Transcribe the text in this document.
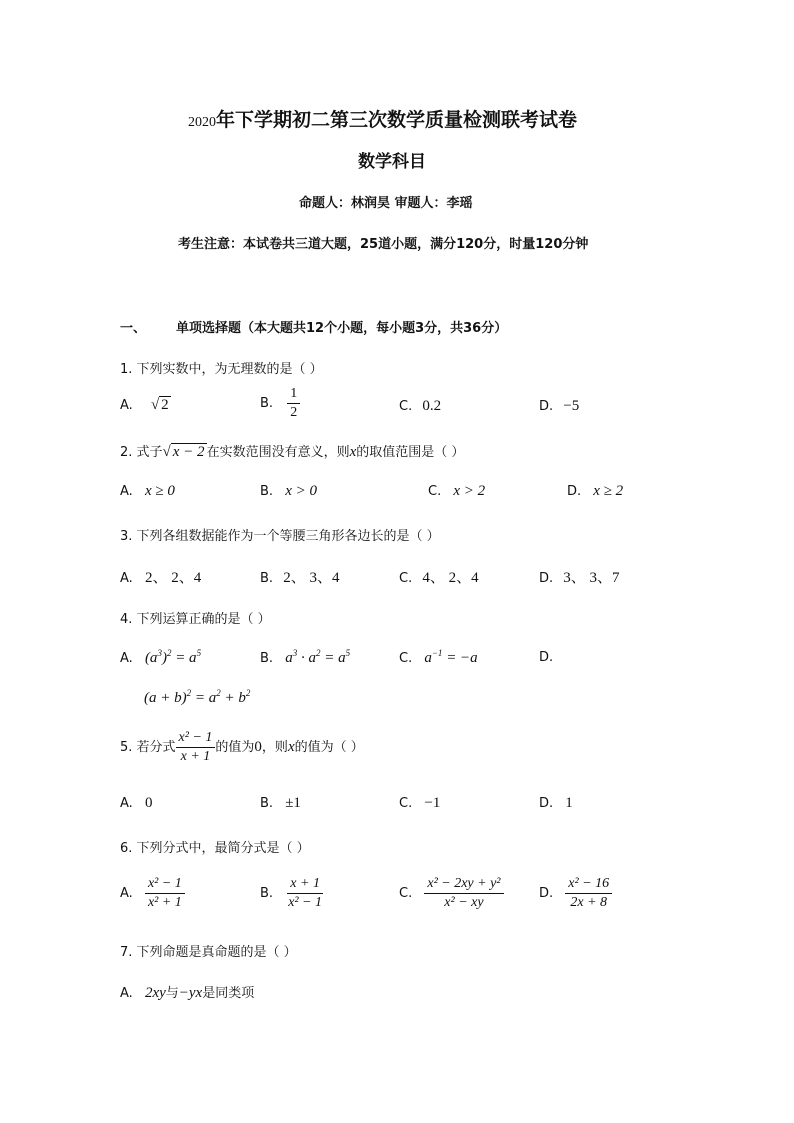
2020年下学期初二第三次数学质量检测联考试卷
数学科目
命题人：林润昊 审题人：李瑶
考生注意：本试卷共三道大题，25道小题，满分120分，时量120分钟
一、 单项选择题（本大题共12个小题，每小题3分，共36分）
1. 下列实数中，为无理数的是（ ）
A. √ 2	B. $\frac{1}{2}$	C. 0.2	D. −5
2. 式子√ x − 2 在实数范围没有意义，则x的取值范围是（ ）
A. x ≥ 0	B. x > 0	C. x > 2	D. x ≥ 2
3. 下列各组数据能作为一个等腰三角形各边长的是（ ）
A. 2、 2、4	B. 2、 3、4	C. 4、 2、4	D. 3、 3、7
4. 下列运算正确的是（ ）
A. $(a^3)^2 = a^5$	B. $a^3 \cdot a^2 = a^5$	C. $a^{-1} = -a$	D.
$(a + b)^2 = a^2 + b^2$
5. 若分式 $\frac{\text{x² − 1}}{x + 1}$ 的值为0，则x的值为（ ）
A. 0	B. ±1	C. −1	D. 1
6. 下列分式中，最简分式是（ ）
A. $\frac{\text{x² − 1}}{\text{x² + 1}}$	B. $\frac{x + 1}{\text{x² − 1}}$	C. $\frac{\text{x² − 2xy + y²}}{\text{x² − xy}}$	D. $\frac{\text{x² − 16}}{2x + 8}$
7. 下列命题是真命题的是（ ）
A. 2xy与−yx是同类项
